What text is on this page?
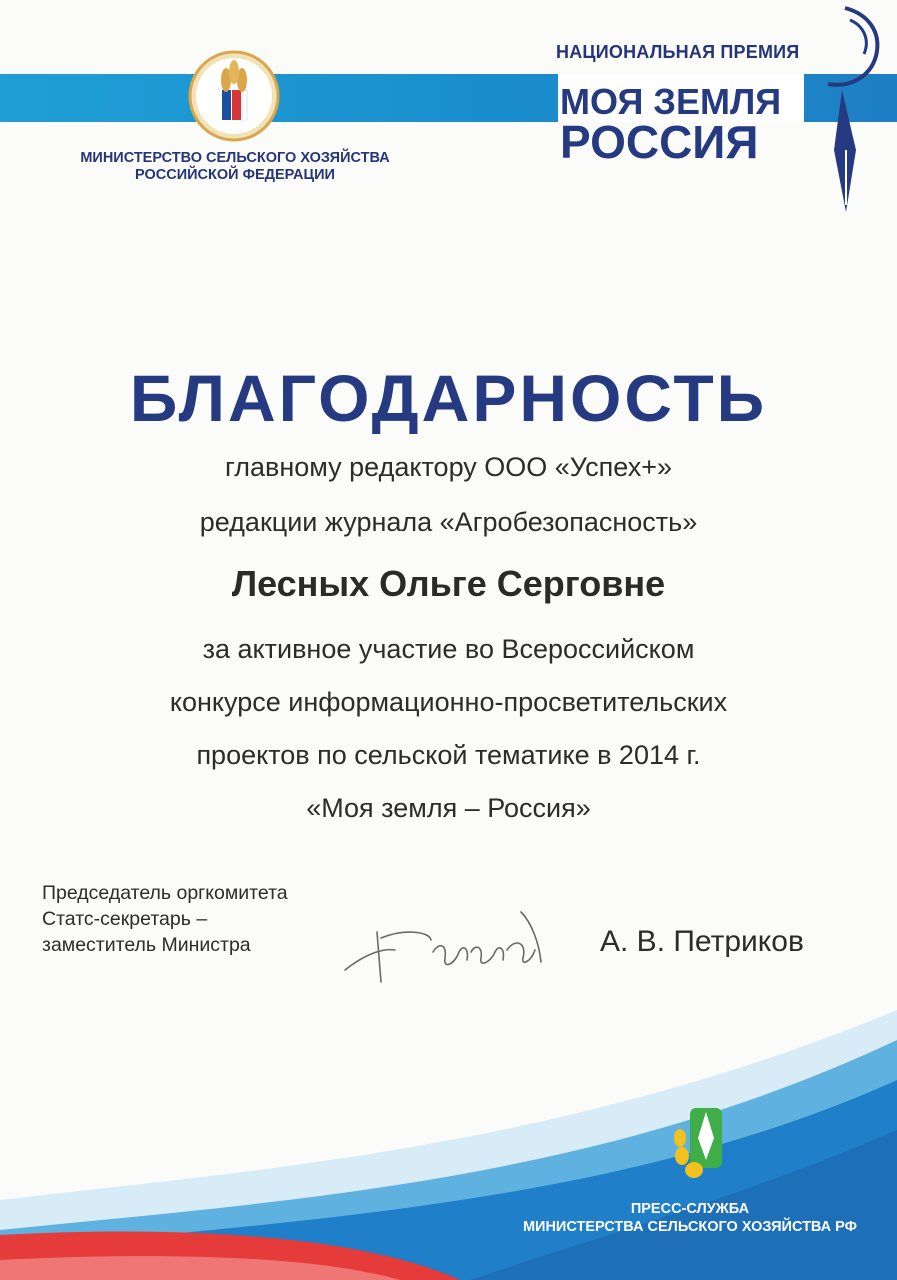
МИНИСТЕРСТВО СЕЛЬСКОГО ХОЗЯЙСТВА
РОССИЙСКОЙ ФЕДЕРАЦИИ
НАЦИОНАЛЬНАЯ ПРЕМИЯ
МОЯ ЗЕМЛЯ
РОССИЯ
БЛАГОДАРНОСТЬ
главному редактору ООО «Успех+»
редакции журнала «Агробезопасность»
Лесных Ольге Серговне
за активное участие во Всероссийском
конкурсе информационно-просветительских
проектов по сельской тематике в 2014 г.
«Моя земля – Россия»
Председатель оргкомитета
Статс-секретарь –
заместитель Министра	А. В. Петриков
ПРЕСС-СЛУЖБА
МИНИСТЕРСТВА СЕЛЬСКОГО ХОЗЯЙСТВА РФ
